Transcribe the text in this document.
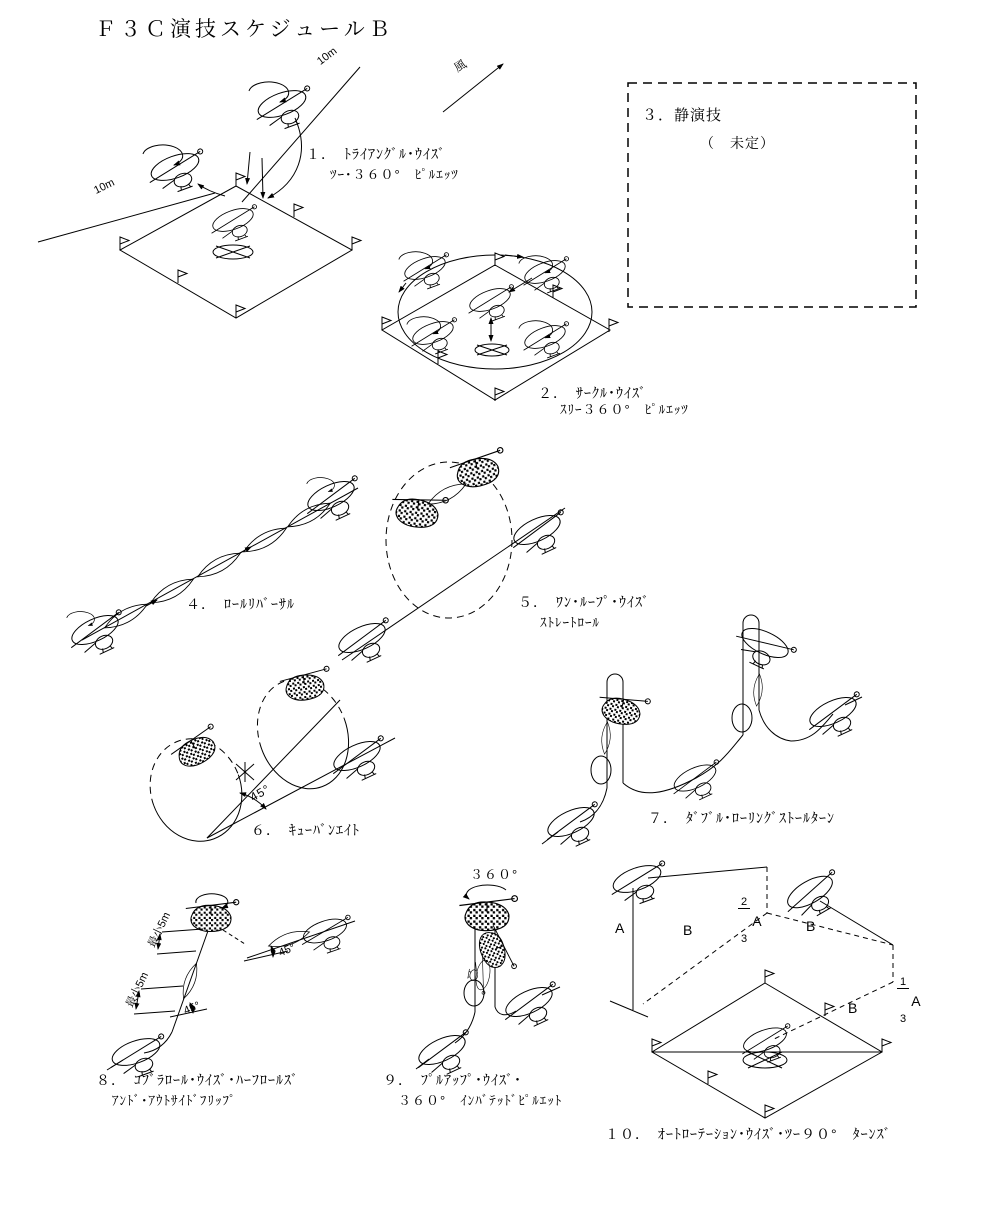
Ｆ３Ｃ演技スケジュールＢ
風
10m
10m
１．　ﾄﾗｲｱﾝｸﾞﾙ･ｳｲｽﾞ
ﾂｰ･３６０°　ﾋﾟﾙｴｯﾂ
２．　ｻｰｸﾙ･ｳｲｽﾞ
ｽﾘｰ３６０°　ﾋﾟﾙｴｯﾂ
３．静演技
（　未定）
４．　ﾛｰﾙﾘﾊﾞｰｻﾙ	５．　ﾜﾝ･ﾙｰﾌﾟ･ｳｲｽﾞ
ｽﾄﾚｰﾄﾛｰﾙ
６．　ｷｭｰﾊﾞﾝｴｲﾄ
45°
７．　ﾀﾞﾌﾞﾙ･ﾛｰﾘﾝｸﾞｽﾄｰﾙﾀｰﾝ
８．　ｺﾌﾞﾗﾛｰﾙ･ｳｲｽﾞ･ﾊｰﾌﾛｰﾙｽﾞ
ｱﾝﾄﾞ･ｱｳﾄｻｲﾄﾞﾌﾘｯﾌﾟ
最小5m
最小5m
45°
45°
９．　ﾌﾟﾙｱｯﾌﾟ･ｳｲｽﾞ･
３６０°　ｲﾝﾊﾞﾃｯﾄﾞﾋﾟﾙｴｯﾄ
３６０°
１０．　ｵｰﾄﾛｰﾃｰｼｮﾝ･ｳｲｽﾞ･ﾂｰ９０°　ﾀｰﾝｽﾞ
A	B	B
B

$\frac{2}{3}$

A

$\frac{1}{3}$

A
